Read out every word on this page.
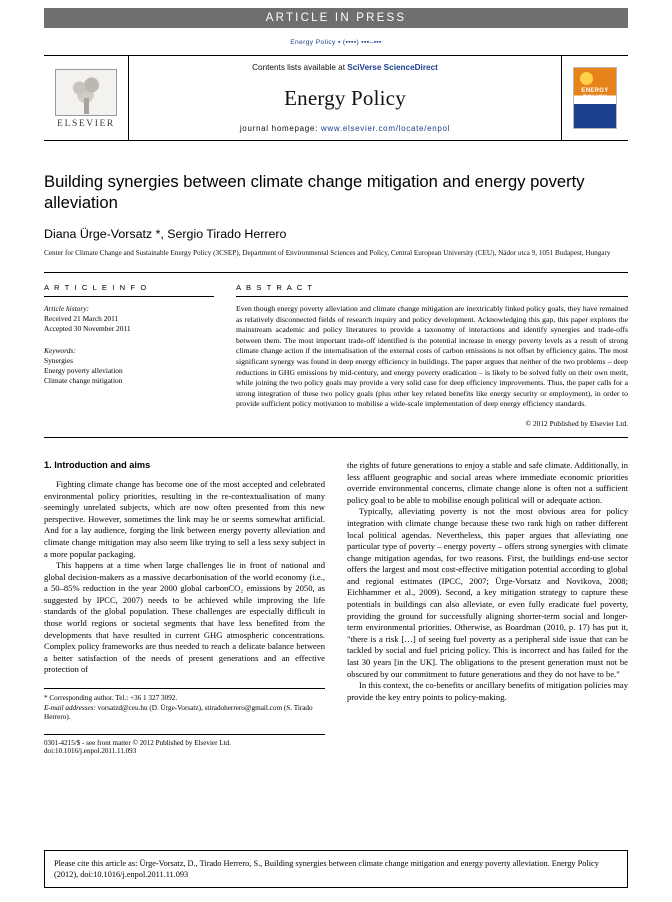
ARTICLE IN PRESS
Energy Policy ▪ (▪▪▪▪) ▪▪▪–▪▪▪
ELSEVIER
Contents lists available at SciVerse ScienceDirect
Energy Policy
journal homepage: www.elsevier.com/locate/enpol
ENERGY POLICY
Building synergies between climate change mitigation and energy poverty alleviation
Diana Ürge-Vorsatz *, Sergio Tirado Herrero
Center for Climate Change and Sustainable Energy Policy (3CSEP), Department of Environmental Sciences and Policy, Central European University (CEU), Nádor utca 9, 1051 Budapest, Hungary
A R T I C L E I N F O
Article history:
Received 21 March 2011
Accepted 30 November 2011
Keywords:
Synergies
Energy poverty alleviation
Climate change mitigation
A B S T R A C T
Even though energy poverty alleviation and climate change mitigation are inextricably linked policy goals, they have remained as relatively disconnected fields of research inquiry and policy development. Acknowledging this gap, this paper explores the mainstream academic and policy literatures to provide a taxonomy of interactions and identify synergies and trade-offs between them. The most important trade-off identified is the potential increase in energy poverty levels as a result of strong climate change action if the internalisation of the external costs of carbon emissions is not offset by efficiency gains. The most significant synergy was found in deep energy efficiency in buildings. The paper argues that neither of the two problems – deep reductions in GHG emissions by mid-century, and energy poverty eradication – is likely to be solved fully on their own merit, while joining the two policy goals may provide a very solid case for deep efficiency improvements. Thus, the paper calls for a strong integration of these two policy goals (plus other key related benefits like energy security or employment), in order to provide sufficient policy motivation to mobilise a wide-scale implementation of deep energy efficiency standards.
© 2012 Published by Elsevier Ltd.
1. Introduction and aims

Fighting climate change has become one of the most accepted and celebrated environmental policy priorities, resulting in the re-contextualisation of many seemingly unrelated subjects, which are now often presented from this new perspective. However, sometimes the link may be or seems somewhat artificial. And for a lay audience, forging the link between energy poverty alleviation and climate change mitigation may also seem like trying to sell a less sexy subject in a more popular packaging.

This happens at a time when large challenges lie in front of national and global decision-makers as a massive decarbonisation of the world economy (i.e., a 50–85% reduction in the year 2000 global carbonCO₂ emissions by 2050, as suggested by IPCC, 2007) needs to be achieved while improving the life standards of the global population. These challenges are especially difficult in those world regions or societal segments that have less benefited from the developments that have resulted in current GHG atmospheric concentrations. Complex policy frameworks are thus needed to reach a delicate balance between a better satisfaction of the needs of present generations and an effective protection of

* Corresponding author. Tel.: +36 1 327 3092.
E-mail addresses: vorsatzd@ceu.hu (D. Ürge-Vorsatz), stiradoherrero@gmail.com (S. Tirado Herrero).
0301-4215/$ - see front matter © 2012 Published by Elsevier Ltd.
doi:10.1016/j.enpol.2011.11.093

the rights of future generations to enjoy a stable and safe climate. Additionally, in less affluent geographic and social areas where immediate economic priorities override environmental concerns, climate change alone is often not a sufficient policy goal to be able to mobilise enough political will or adequate action.

Typically, alleviating poverty is not the most obvious area for policy integration with climate change because these two rank high on rather different local political agendas. Nevertheless, this paper argues that alleviating one particular type of poverty – energy poverty – offers strong synergies with climate change mitigation agendas, for two reasons. First, the buildings end-use sector offers the largest and most cost-effective mitigation potential according to global and regional estimates (IPCC, 2007; Ürge-Vorsatz and Novikova, 2008; Eichhammer et al., 2009). Second, a key mitigation strategy to capture these potentials in buildings can also alleviate, or even fully eradicate fuel poverty, providing the ground for successfully aligning shorter-term social and longer-term environmental priorities. Otherwise, as Boardman (2010, p. 17) has put it, "there is a risk […] of seeing fuel poverty as a peripheral side issue that can be tackled by social and fuel pricing policy. This is incorrect and has failed for the last 30 years [in the UK]. The obligations to the present generation must not be obscured by our commitment to future generations and they do not have to be."

In this context, the co-benefits or ancillary benefits of mitigation policies may provide the key entry points to policy-making.

Please cite this article as: Ürge-Vorsatz, D., Tirado Herrero, S., Building synergies between climate change mitigation and energy poverty alleviation. Energy Policy (2012), doi:10.1016/j.enpol.2011.11.093
